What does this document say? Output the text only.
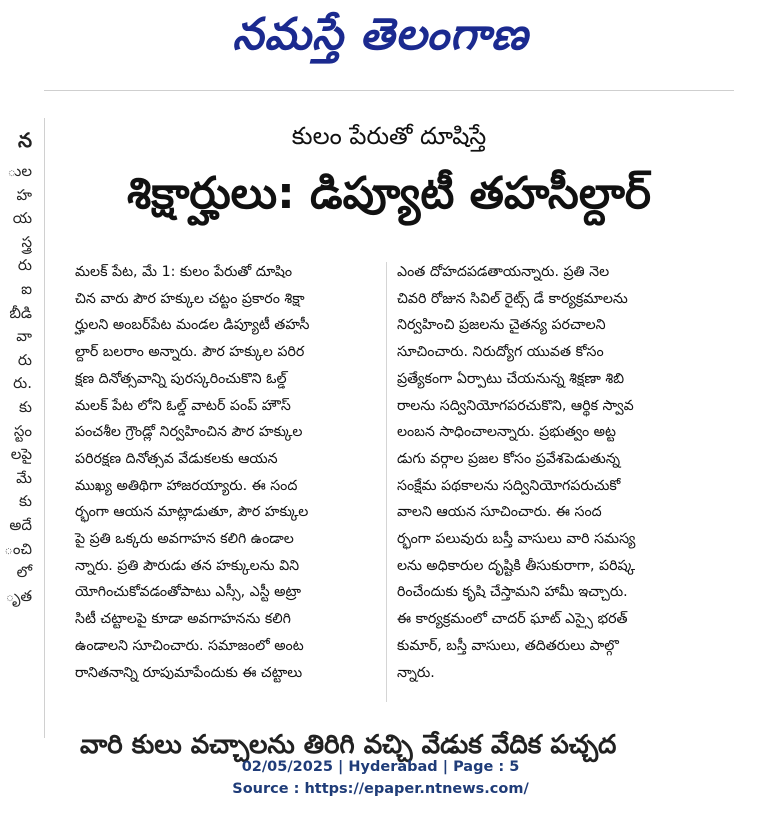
నమస్తే తెలంగాణ
న
ుల
హ
య
స్త్ర
రు
ఐ
బీడి
వా
రు
రు.
కు
స్టం
లపై
మే
కు
అదే
ంచి
లో
ృత
కులం పేరుతో దూషిస్తే
శిక్షార్హులు: డిప్యూటీ తహసీల్దార్
మలక్ పేట, మే 1: కులం పేరుతో దూషిం
చిన వారు పౌర హక్కుల చట్టం ప్రకారం శిక్షా
ర్హులని అంబర్‌పేట మండల డిప్యూటీ తహసీ
ల్దార్ బలరాం అన్నారు. పౌర హక్కుల పరిర
క్షణ దినోత్సవాన్ని పురస్కరించుకొని ఓల్డ్
మలక్ పేట లోని ఓల్డ్ వాటర్ పంప్ హౌస్
పంచశీల గ్రౌండ్లో నిర్వహించిన పౌర హక్కుల
పరిరక్షణ దినోత్సవ వేడుకలకు ఆయన
ముఖ్య అతిథిగా హాజరయ్యారు. ఈ సంద
ర్భంగా ఆయన మాట్లాడుతూ, పౌర హక్కుల
పై ప్రతి ఒక్కరు అవగాహన కలిగి ఉండాల
న్నారు. ప్రతి పౌరుడు తన హక్కులను విని
యోగించుకోవడంతోపాటు ఎస్సీ, ఎస్టీ అట్రా
సిటీ చట్టాలపై కూడా అవగాహనను కలిగి
ఉండాలని సూచించారు. సమాజంలో అంట
రానితనాన్ని రూపుమాపేందుకు ఈ చట్టాలు
ఎంత దోహదపడతాయన్నారు. ప్రతి నెల
చివరి రోజున సివిల్ రైట్స్ డే కార్యక్రమాలను
నిర్వహించి ప్రజలను చైతన్య పరచాలని
సూచించారు. నిరుద్యోగ యువత కోసం
ప్రత్యేకంగా ఏర్పాటు చేయనున్న శిక్షణా శిబి
రాలను సద్వినియోగపరచుకొని, ఆర్థిక స్వావ
లంబన సాధించాలన్నారు. ప్రభుత్వం అట్ట
డుగు వర్గాల ప్రజల కోసం ప్రవేశపెడుతున్న
సంక్షేమ పథకాలను సద్వినియోగపరుచుకో
వాలని ఆయన సూచించారు. ఈ సంద
ర్భంగా పలువురు బస్తీ వాసులు వారి సమస్య
లను అధికారుల దృష్టికి తీసుకురాగా, పరిష్క
రించేందుకు కృషి చేస్తామని హామీ ఇచ్చారు.
ఈ కార్యక్రమంలో చాదర్ ఘాట్ ఎస్సై భరత్
కుమార్, బస్తీ వాసులు, తదితరులు పాల్గొ
న్నారు.
వారి కులు వచ్చాలను తిరిగి వచ్చి వేడుక వేదిక పచ్చద
02/05/2025 | Hyderabad | Page : 5
Source : https://epaper.ntnews.com/
